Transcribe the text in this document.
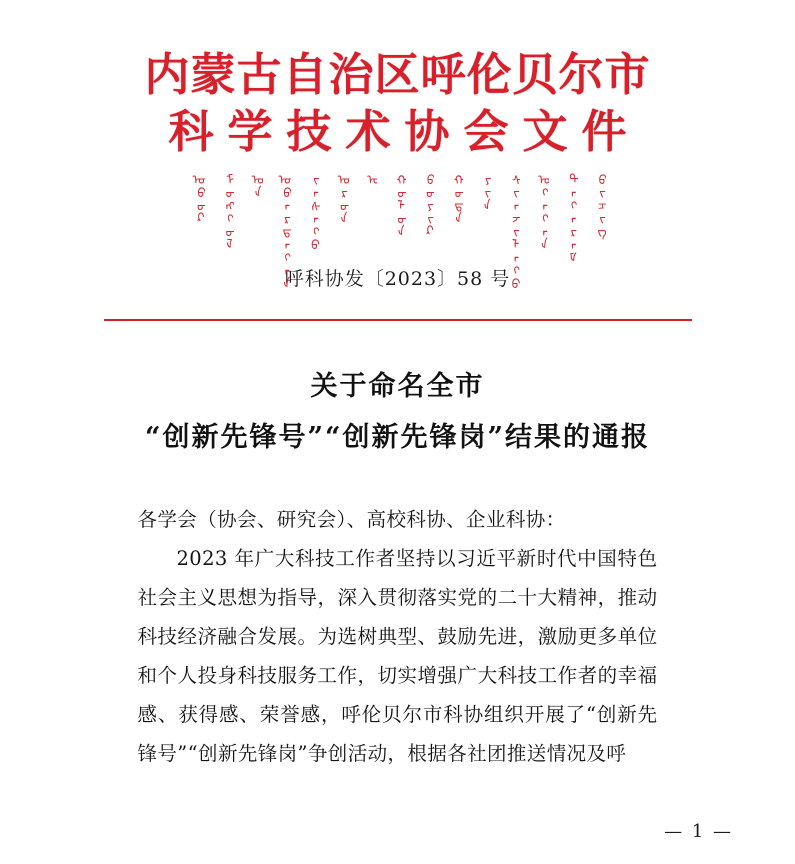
内蒙古自治区呼伦贝尔市
科学技术协会文件
ᠦᠪᠦᠷ ᠮᠣᠩᠭᠣᠯ ᠤᠨ ᠥᠪᠡᠷᠲᠡᠭᠡᠨ ᠵᠠᠰᠠᠬᠤ ᠣᠷᠣᠨ ᠤ ᠬᠥᠯᠥᠨ ᠪᠣᠶᠢᠷ ᠬᠣᠲᠠ ᠶᠢᠨ ᠰᠢᠨᠵᠢᠯᠡᠬᠦ ᠤᠬᠠᠭᠠᠨ ᠲᠡᠭᠡᠷᠡᠮ ᠪᠢᠴᠢᠭ
呼科协发〔2023〕58 号
关于命名全市
“创新先锋号”“创新先锋岗”结果的通报

各学会（协会、研究会）、高校科协、企业科协：

2023 年广大科技工作者坚持以习近平新时代中国特色社会主义思想为指导，深入贯彻落实党的二十大精神，推动科技经济融合发展。为选树典型、鼓励先进，激励更多单位和个人投身科技服务工作，切实增强广大科技工作者的幸福感、获得感、荣誉感，呼伦贝尔市科协组织开展了“创新先锋号”“创新先锋岗”争创活动，根据各社团推送情况及呼

— 1 —
